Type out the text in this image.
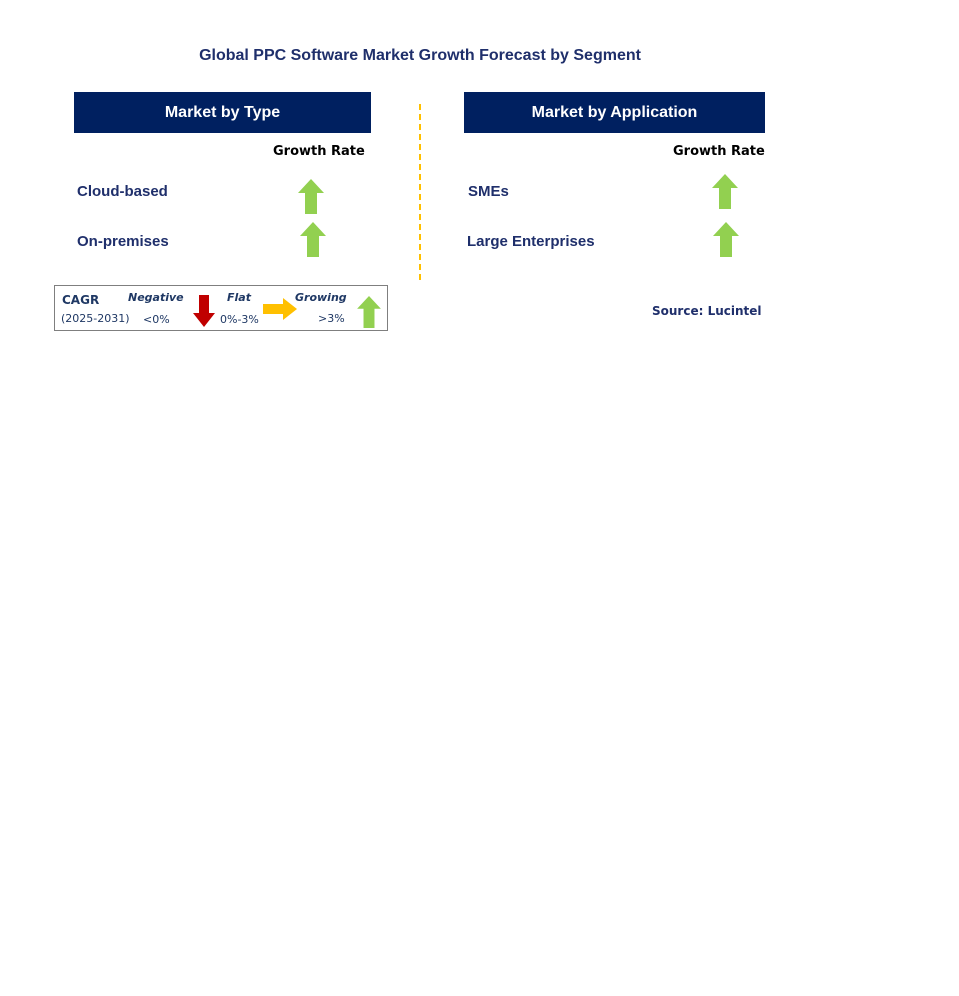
Global PPC Software Market Growth Forecast by Segment
Market by Type
Growth Rate
Cloud-based
On-premises
Market by Application
Growth Rate
SMEs
Large Enterprises
CAGR
(2025-2031)
Negative
<0%
Flat
0%-3%
Growing
>3%
Source: Lucintel
